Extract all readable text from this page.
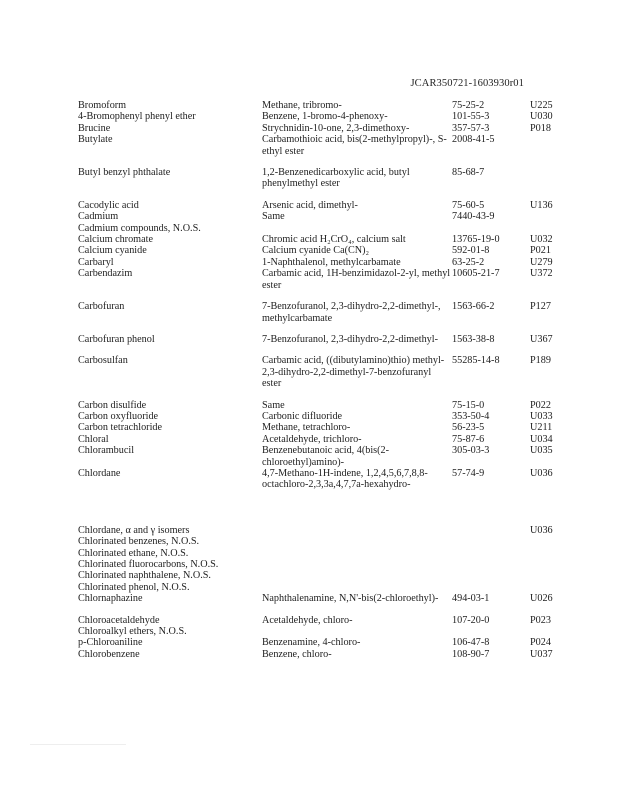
JCAR350721-1603930r01
Bromoform	Methane, tribromo-	75-25-2	U225
4-Bromophenyl phenyl ether	Benzene, 1-bromo-4-phenoxy-	101-55-3	U030
Brucine	Strychnidin-10-one, 2,3-dimethoxy-	357-57-3	P018
Butylate	Carbamothioic acid, bis(2-methylpropyl)-, S-ethyl ester	2008-41-5	
Butyl benzyl phthalate	1,2-Benzenedicarboxylic acid, butyl phenylmethyl ester	85-68-7	
Cacodylic acid	Arsenic acid, dimethyl-	75-60-5	U136
Cadmium	Same	7440-43-9	
Cadmium compounds, N.O.S.			
Calcium chromate	Chromic acid H₂CrO₄, calcium salt	13765-19-0	U032
Calcium cyanide	Calcium cyanide Ca(CN)₂	592-01-8	P021
Carbaryl	1-Naphthalenol, methylcarbamate	63-25-2	U279
Carbendazim	Carbamic acid, 1H-benzimidazol-2-yl, methyl ester	10605-21-7	U372
Carbofuran	7-Benzofuranol, 2,3-dihydro-2,2-dimethyl-, methylcarbamate	1563-66-2	P127
Carbofuran phenol	7-Benzofuranol, 2,3-dihydro-2,2-dimethyl-	1563-38-8	U367
Carbosulfan	Carbamic acid, ((dibutylamino)thio) methyl-2,3-dihydro-2,2-dimethyl-7-benzofuranyl ester	55285-14-8	P189
Carbon disulfide	Same	75-15-0	P022
Carbon oxyfluoride	Carbonic difluoride	353-50-4	U033
Carbon tetrachloride	Methane, tetrachloro-	56-23-5	U211
Chloral	Acetaldehyde, trichloro-	75-87-6	U034
Chlorambucil	Benzenebutanoic acid, 4(bis(2-chloroethyl)amino)-	305-03-3	U035
Chlordane	4,7-Methano-1H-indene, 1,2,4,5,6,7,8,8-octachloro-2,3,3a,4,7,7a-hexahydro-	57-74-9	U036
Chlordane, α and γ isomers			U036
Chlorinated benzenes, N.O.S.			
Chlorinated ethane, N.O.S.			
Chlorinated fluorocarbons, N.O.S.			
Chlorinated naphthalene, N.O.S.			
Chlorinated phenol, N.O.S.			
Chlornaphazine	Naphthalenamine, N,N'-bis(2-chloroethyl)-	494-03-1	U026
Chloroacetaldehyde	Acetaldehyde, chloro-	107-20-0	P023
Chloroalkyl ethers, N.O.S.			
p-Chloroaniline	Benzenamine, 4-chloro-	106-47-8	P024
Chlorobenzene	Benzene, chloro-	108-90-7	U037
